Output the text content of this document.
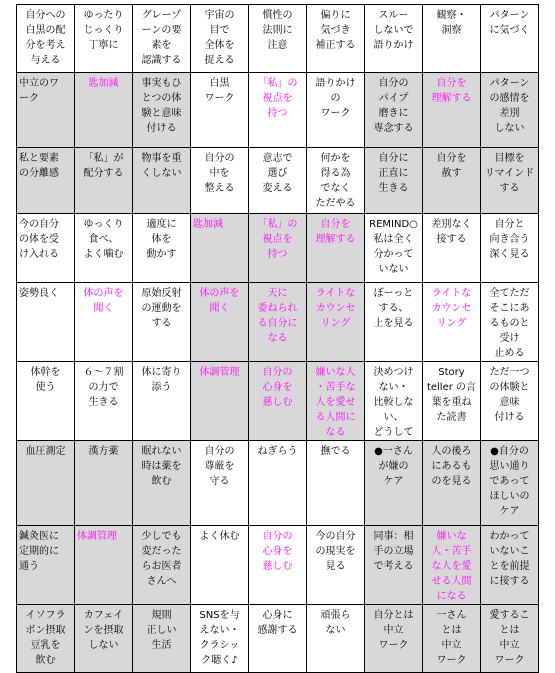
自分への
白黒の配
分を考え
与える	ゆったり
じっくり
丁寧に	グレーゾ
ーンの要
素を
認識する	宇宙の
目で
全体を
捉える	慣性の
法則に
注意	偏りに
気づき
補正する	スルー
しないで
語りかけ	観察・
洞察	パターン
に気づく
中立のワ
ーク	匙加減	事実もひ
とつの体
験と意味
付ける	白黒
ワーク	「私」の
視点を
持つ	語りかけ
の
ワーク	自分の
パイプ
磨きに
専念する	自分を
理解する	パターン
の感情を
差別
しない
私と要素
の分離感	「私」が
配分する	物事を重
くしない	自分の
中を
整える	意志で
選び
変える	何かを
得る為
でなく
ただやる	自分に
正直に
生きる	自分を
赦す	目標を
リマインド
する
今の自分
の体を受
け入れる	ゆっくり
食べ、
よく噛む	適度に
体を
動かす	匙加減	「私」の
視点を
持つ	自分を
理解する	REMIND○
私は全く
分かって
いない	差別なく
接する	自分と
向き合う
深く見る
姿勢良く	体の声を
聞く	原始反射
の運動を
する	体の声を
聞く	天に
委ねられ
る自分に
なる	ライトな
カウンセ
リング	ぼーっと
する、
上を見る	ライトな
カウンセ
リング	全てただ
そこにあ
るものと
受け
止める
体幹を
使う	６〜７割
の力で
生きる	体に寄り
添う	体調管理	自分の
心身を
慈しむ	嫌いな人
・苦手な
人を愛せ
る人間に
なる	決めつけ
ない・
比較しな
い、
どうして	Story
teller の言
葉を重ね
た読書	ただ一つ
の体験と
意味
付ける
血圧測定	漢方薬	眠れない
時は薬を
飲む	自分の
尊厳を
守る	ねぎらう	撫でる	●一さん
が嫌の
ケア	人の後ろ
にあるも
のを見る	●自分の
思い通り
であって
ほしいの
ケア
鍼灸医に
定期的に
通う	体調管理	少しでも
変だった
らお医者
さんへ	よく休む	自分の
心身を
慈しむ	今の自分
の現実を
見る	同事：相
手の立場
で考える	嫌いな
人・苦手
な人を愛
せる人間
になる	わかって
いないこ
とを前提
に接する
イソフラ
ボン摂取
豆乳を
飲む	カフェイ
ンを摂取
しない	規則
正しい
生活	SNSを与
えない・
クラシッ
ク聴く♪	心身に
感謝する	頑張ら
ない	自分とは
中立
ワーク	一さん
とは
中立
ワーク	愛するこ
とは
中立
ワーク
